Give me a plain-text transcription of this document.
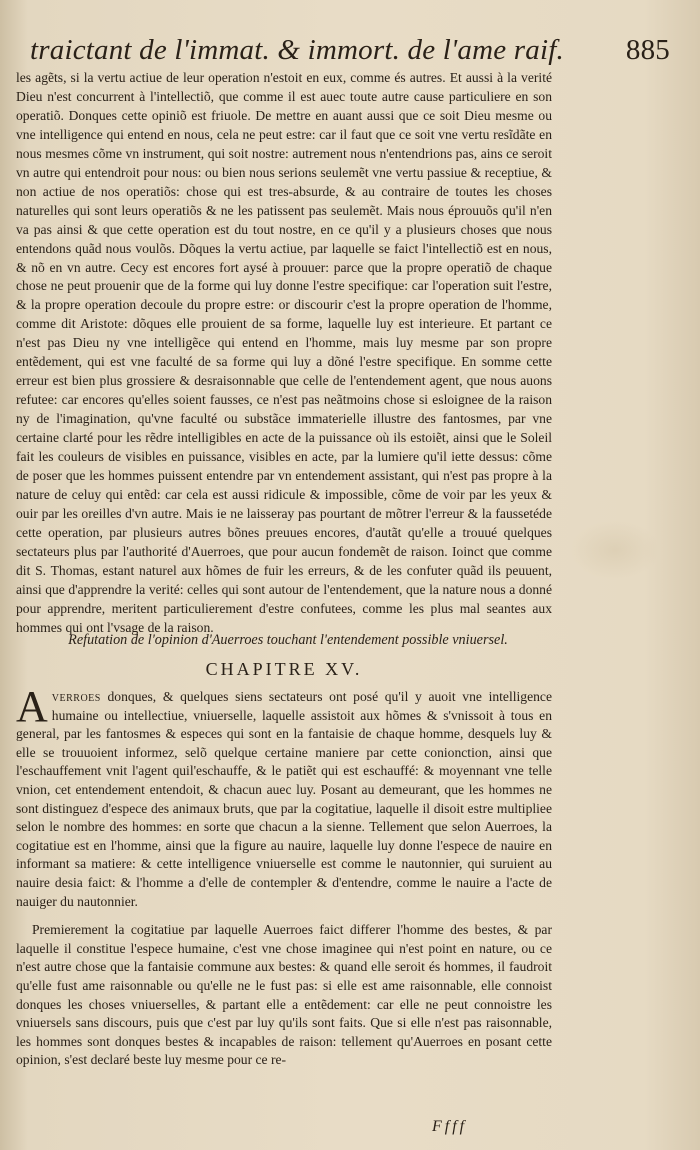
traictant de l'immat. & immort. de l'ame raif. 885

les agẽts, si la vertu actiue de leur operation n'estoit en eux, comme és autres. Et aussi à la verité Dieu n'est concurrent à l'intellectiõ, que comme il est auec toute autre cause particuliere en son operatiõ. Donques cette opiniõ est friuole. De mettre en auant aussi que ce soit Dieu mesme ou vne intelligence qui entend en nous, cela ne peut estre: car il faut que ce soit vne vertu resĩdãte en nous mesmes cõme vn instrument, qui soit nostre: autrement nous n'entendrions pas, ains ce seroit vn autre qui entendroit pour nous: ou bien nous serions seulemẽt vne vertu passiue & receptiue, & non actiue de nos operatiõs: chose qui est tres-absurde, & au contraire de toutes les choses naturelles qui sont leurs operatiõs & ne les patissent pas seulemẽt. Mais nous éprouuõs qu'il n'en va pas ainsi & que cette operation est du tout nostre, en ce qu'il y a plusieurs choses que nous entendons quãd nous voulõs. Dõques la vertu actiue, par laquelle se faict l'intellectiõ est en nous, & nõ en vn autre. Cecy est encores fort aysé à prouuer: parce que la propre operatiõ de chaque chose ne peut prouenir que de la forme qui luy donne l'estre specifique: car l'operation suit l'estre, & la propre operation decoule du propre estre: or discourir c'est la propre operation de l'homme, comme dit Aristote: dõques elle prouient de sa forme, laquelle luy est interieure. Et partant ce n'est pas Dieu ny vne intelligẽce qui entend en l'homme, mais luy mesme par son propre entẽdement, qui est vne faculté de sa forme qui luy a dõné l'estre specifique. En somme cette erreur est bien plus grossiere & desraisonnable que celle de l'entendement agent, que nous auons refutee: car encores qu'elles soient fausses, ce n'est pas neãtmoins chose si esloignee de la raison ny de l'imagination, qu'vne faculté ou substãce immaterielle illustre des fantosmes, par vne certaine clarté pour les rẽdre intelligibles en acte de la puissance où ils estoiẽt, ainsi que le Soleil fait les couleurs de visibles en puissance, visibles en acte, par la lumiere qu'il iette dessus: cõme de poser que les hommes puissent entendre par vn entendement assistant, qui n'est pas propre à la nature de celuy qui entẽd: car cela est aussi ridicule & impossible, cõme de voir par les yeux & ouir par les oreilles d'vn autre. Mais ie ne laisseray pas pourtant de mõtrer l'erreur & la faussetéde cette operation, par plusieurs autres bõnes preuues encores, d'autãt qu'elle a trouué quelques sectateurs plus par l'authorité d'Auerroes, que pour aucun fondemẽt de raison. Ioinct que comme dit S. Thomas, estant naturel aux hõmes de fuir les erreurs, & de les confuter quãd ils peuuent, ainsi que d'apprendre la verité: celles qui sont autour de l'entendement, que la nature nous a donné pour apprendre, meritent particulierement d'estre confutees, comme les plus mal seantes aux hommes qui ont l'vsage de la raison.

Refutation de l'opinion d'Auerroes touchant l'entendement possible vniuersel.
CHAPITRE XV.

Averroes donques, & quelques siens sectateurs ont posé qu'il y auoit vne intelligence humaine ou intellectiue, vniuerselle, laquelle assistoit aux hõmes & s'vnissoit à tous en general, par les fantosmes & especes qui sont en la fantaisie de chaque homme, desquels luy & elle se trouuoient informez, selõ quelque certaine maniere par cette conionction, ainsi que l'eschauffement vnit l'agent quil'eschauffe, & le patiẽt qui est eschauffé: & moyennant vne telle vnion, cet entendement entendoit, & chacun auec luy. Posant au demeurant, que les hommes ne sont distinguez d'espece des animaux bruts, que par la cogitatiue, laquelle il disoit estre multipliee selon le nombre des hommes: en sorte que chacun a la sienne. Tellement que selon Auerroes, la cogitatiue est en l'homme, ainsi que la figure au nauire, laquelle luy donne l'espece de nauire en informant sa matiere: & cette intelligence vniuerselle est comme le nautonnier, qui suruient au nauire desia faict: & l'homme a d'elle de contempler & d'entendre, comme le nauire a l'acte de nauiger du nautonnier.

Premierement la cogitatiue par laquelle Auerroes faict differer l'homme des bestes, & par laquelle il constitue l'espece humaine, c'est vne chose imaginee qui n'est point en nature, ou ce n'est autre chose que la fantaisie commune aux bestes: & quand elle seroit és hommes, il faudroit qu'elle fust ame raisonnable ou qu'elle ne le fust pas: si elle est ame raisonnable, elle connoist donques les choses vniuerselles, & partant elle a entẽdement: car elle ne peut connoistre les vniuersels sans discours, puis que c'est par luy qu'ils sont faits. Que si elle n'est pas raisonnable, les hommes sont donques bestes & incapables de raison: tellement qu'Auerroes en posant cette opinion, s'est declaré beste luy mesme pour ce re-

Ffff
